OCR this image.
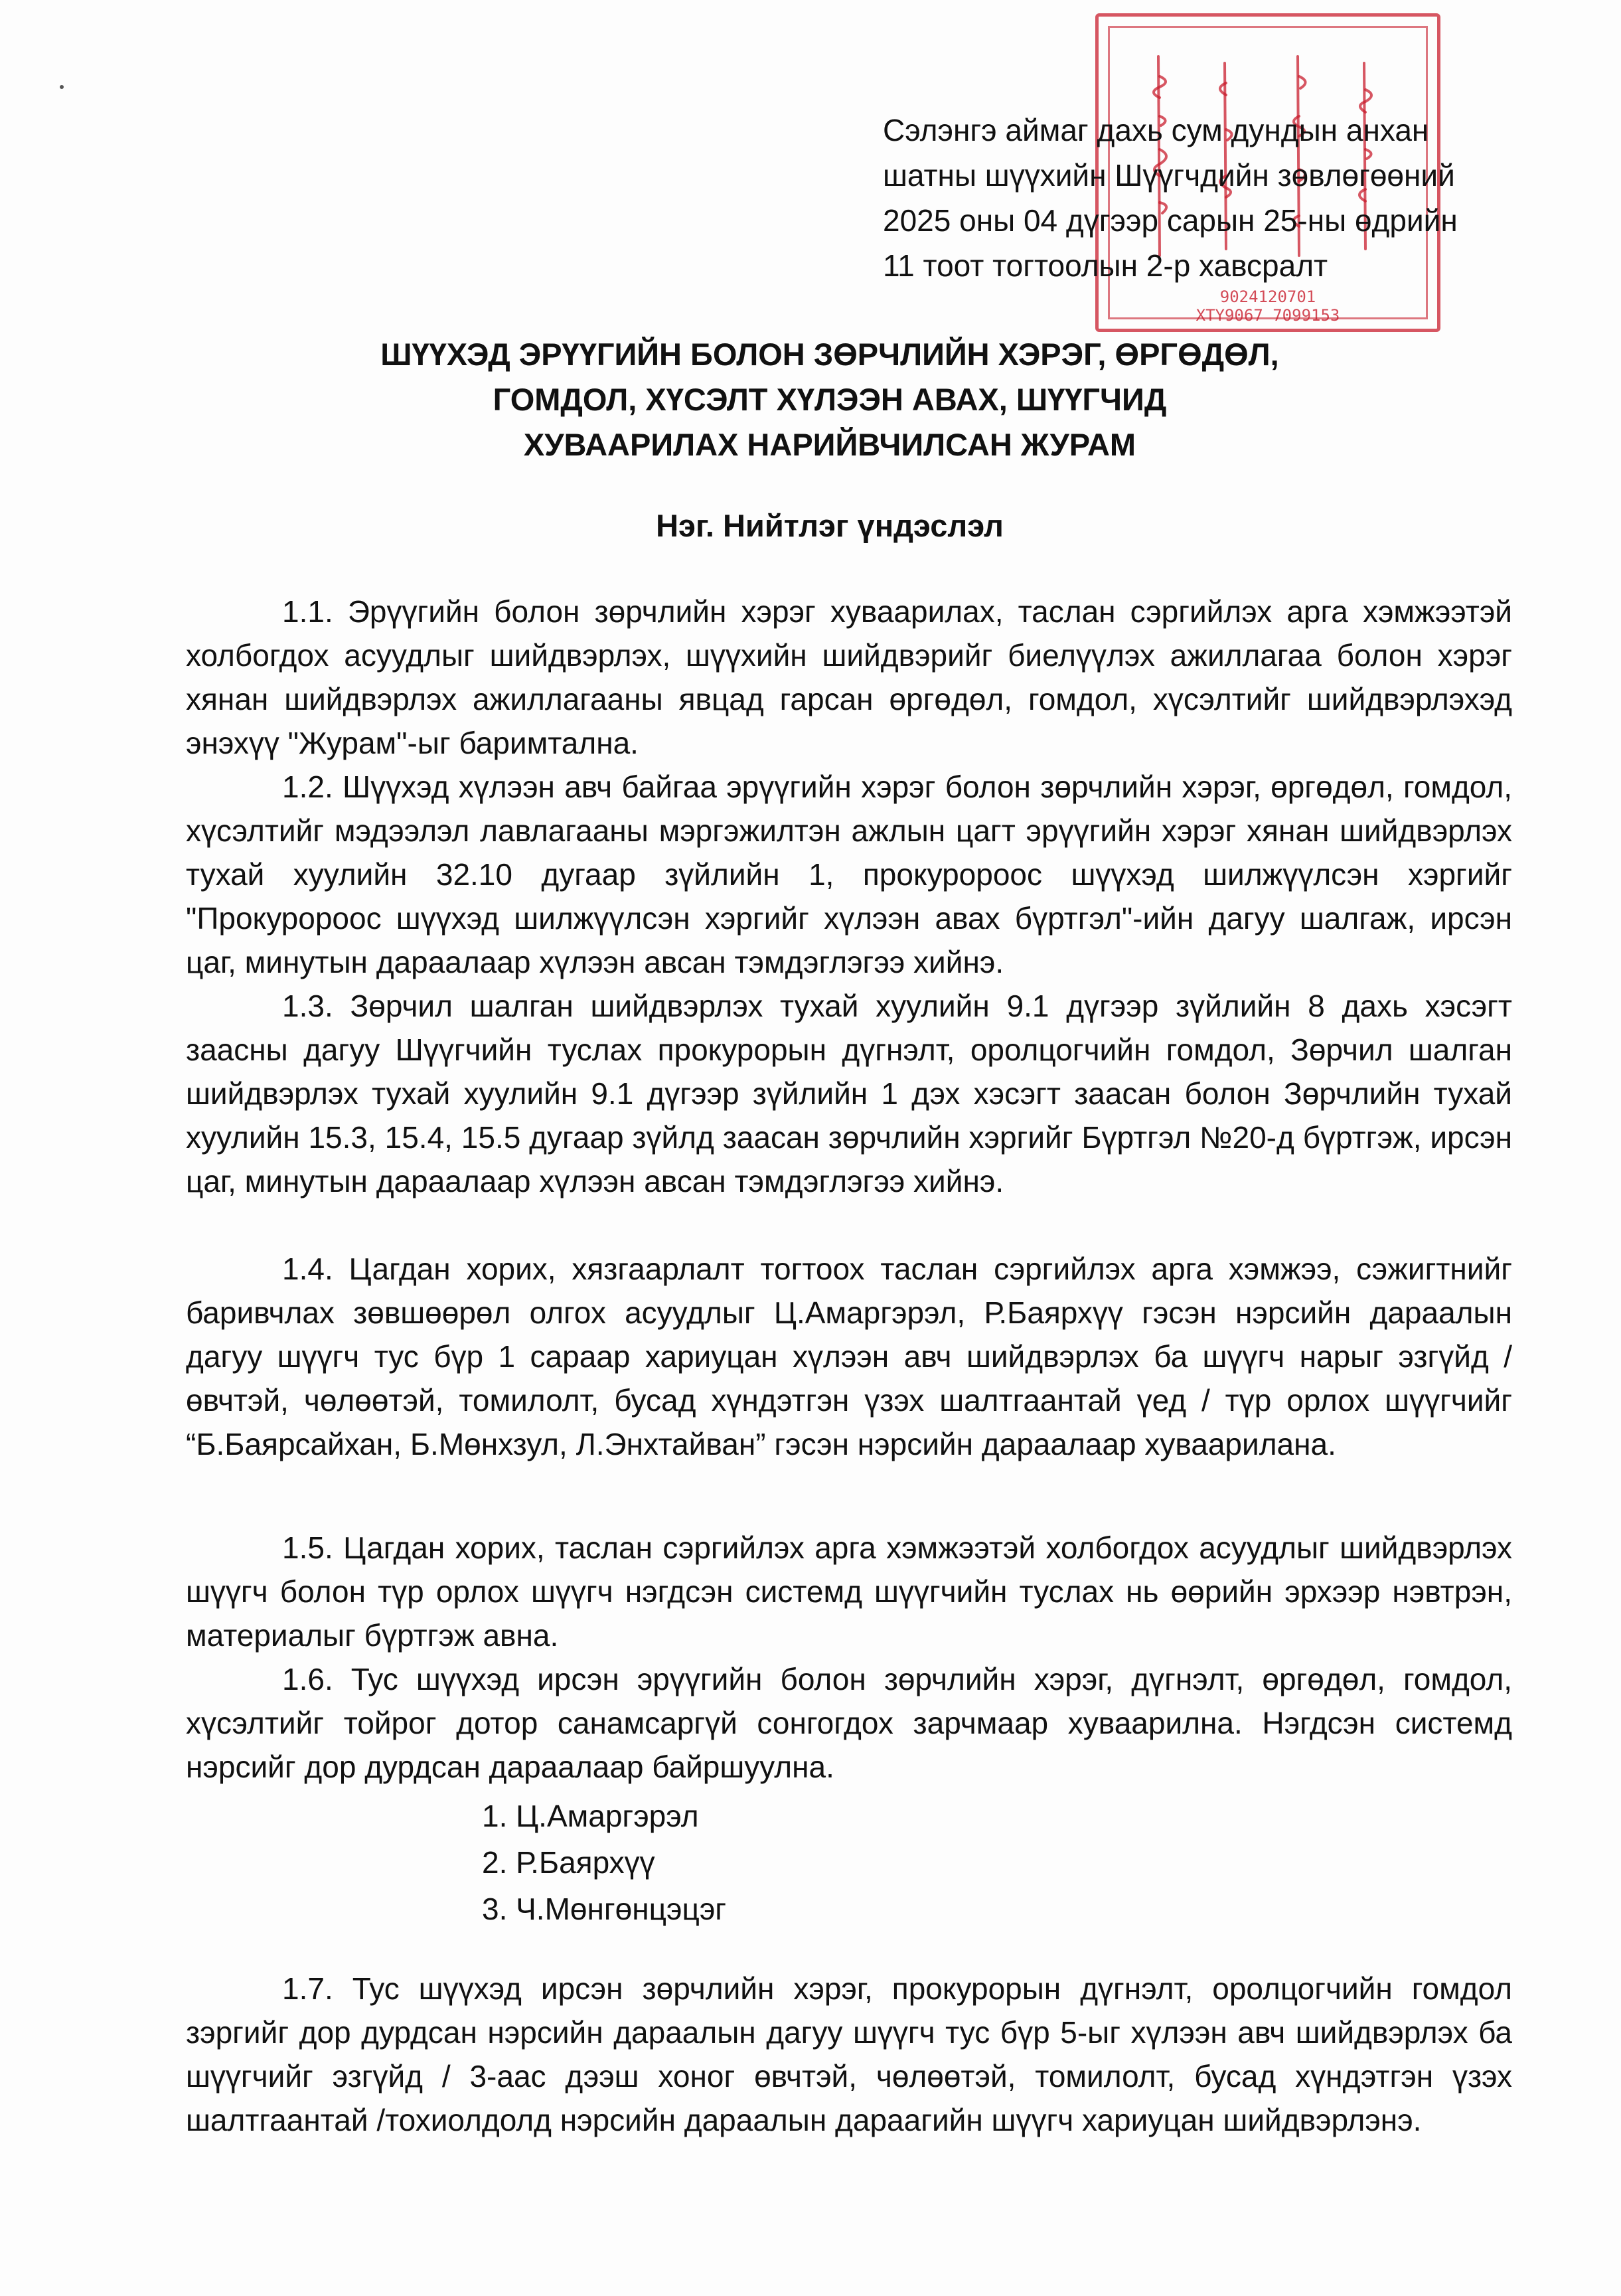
9024120701
ХТҮ9067 7099153
Сэлэнгэ аймаг дахь сум дундын анхан
шатны шүүхийн Шүүгчдийн зөвлөгөөний
2025 оны 04 дүгээр сарын 25-ны өдрийн
11 тоот тогтоолын 2-р хавсралт
ШҮҮХЭД ЭРҮҮГИЙН БОЛОН ЗӨРЧЛИЙН ХЭРЭГ, ӨРГӨДӨЛ,
ГОМДОЛ, ХҮСЭЛТ ХҮЛЭЭН АВАХ, ШҮҮГЧИД
ХУВААРИЛАХ НАРИЙВЧИЛСАН ЖУРАМ
Нэг. Нийтлэг үндэслэл
1.1. Эрүүгийн болон зөрчлийн хэрэг хуваарилах, таслан сэргийлэх арга хэмжээтэй холбогдох асуудлыг шийдвэрлэх, шүүхийн шийдвэрийг биелүүлэх ажиллагаа болон хэрэг хянан шийдвэрлэх ажиллагааны явцад гарсан өргөдөл, гомдол, хүсэлтийг шийдвэрлэхэд энэхүү "Журам"-ыг баримтална.
1.2. Шүүхэд хүлээн авч байгаа эрүүгийн хэрэг болон зөрчлийн хэрэг, өргөдөл, гомдол, хүсэлтийг мэдээлэл лавлагааны мэргэжилтэн ажлын цагт эрүүгийн хэрэг хянан шийдвэрлэх тухай хуулийн 32.10 дугаар зүйлийн 1, прокуророос шүүхэд шилжүүлсэн хэргийг "Прокуророос шүүхэд шилжүүлсэн хэргийг хүлээн авах бүртгэл"-ийн дагуу шалгаж, ирсэн цаг, минутын дараалаар хүлээн авсан тэмдэглэгээ хийнэ.
1.3. Зөрчил шалган шийдвэрлэх тухай хуулийн 9.1 дүгээр зүйлийн 8 дахь хэсэгт заасны дагуу Шүүгчийн туслах прокурорын дүгнэлт, оролцогчийн гомдол, Зөрчил шалган шийдвэрлэх тухай хуулийн 9.1 дүгээр зүйлийн 1 дэх хэсэгт заасан болон Зөрчлийн тухай хуулийн 15.3, 15.4, 15.5 дугаар зүйлд заасан зөрчлийн хэргийг Бүртгэл №20-д бүртгэж, ирсэн цаг, минутын дараалаар хүлээн авсан тэмдэглэгээ хийнэ.
1.4. Цагдан хорих, хязгаарлалт тогтоох таслан сэргийлэх арга хэмжээ, сэжигтнийг баривчлах зөвшөөрөл олгох асуудлыг Ц.Амаргэрэл, Р.Баярхүү гэсэн нэрсийн дараалын дагуу шүүгч тус бүр 1 сараар хариуцан хүлээн авч шийдвэрлэх ба шүүгч нарыг эзгүйд / өвчтэй, чөлөөтэй, томилолт, бусад хүндэтгэн үзэх шалтгаантай үед / түр орлох шүүгчийг “Б.Баярсайхан, Б.Мөнхзул, Л.Энхтайван” гэсэн нэрсийн дараалаар хуваарилана.
1.5. Цагдан хорих, таслан сэргийлэх арга хэмжээтэй холбогдох асуудлыг шийдвэрлэх шүүгч болон түр орлох шүүгч нэгдсэн системд шүүгчийн туслах нь өөрийн эрхээр нэвтрэн, материалыг бүртгэж авна.
1.6. Тус шүүхэд ирсэн эрүүгийн болон зөрчлийн хэрэг, дүгнэлт, өргөдөл, гомдол, хүсэлтийг тойрог дотор санамсаргүй сонгогдох зарчмаар хуваарилна. Нэгдсэн системд нэрсийг дор дурдсан дараалаар байршуулна.
1. Ц.Амаргэрэл
2. Р.Баярхүү
3. Ч.Мөнгөнцэцэг
1.7. Тус шүүхэд ирсэн зөрчлийн хэрэг, прокурорын дүгнэлт, оролцогчийн гомдол зэргийг дор дурдсан нэрсийн дараалын дагуу шүүгч тус бүр 5-ыг хүлээн авч шийдвэрлэх ба шүүгчийг эзгүйд / 3-аас дээш хоног өвчтэй, чөлөөтэй, томилолт, бусад хүндэтгэн үзэх шалтгаантай /тохиолдолд нэрсийн дараалын дараагийн шүүгч хариуцан шийдвэрлэнэ.
